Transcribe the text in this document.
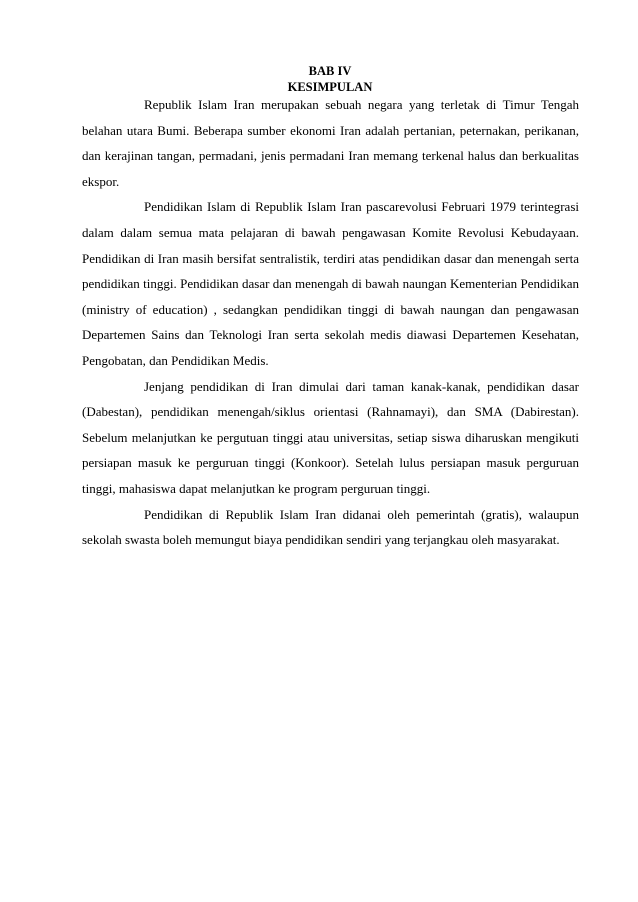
BAB IV
KESIMPULAN

Republik Islam Iran merupakan sebuah negara yang terletak di Timur Tengah belahan utara Bumi. Beberapa sumber ekonomi Iran adalah pertanian, peternakan, perikanan, dan kerajinan tangan, permadani, jenis permadani Iran memang terkenal halus dan berkualitas ekspor.

Pendidikan Islam di Republik Islam Iran pascarevolusi Februari 1979 terintegrasi dalam dalam semua mata pelajaran di bawah pengawasan Komite Revolusi Kebudayaan. Pendidikan di Iran masih bersifat sentralistik, terdiri atas pendidikan dasar dan menengah serta pendidikan tinggi. Pendidikan dasar dan menengah di bawah naungan Kementerian Pendidikan (ministry of education) , sedangkan pendidikan tinggi di bawah naungan dan pengawasan Departemen Sains dan Teknologi Iran serta sekolah medis diawasi Departemen Kesehatan, Pengobatan, dan Pendidikan Medis.

Jenjang pendidikan di Iran dimulai dari taman kanak-kanak, pendidikan dasar (Dabestan), pendidikan menengah/siklus orientasi (Rahnamayi), dan SMA (Dabirestan). Sebelum melanjutkan ke pergutuan tinggi atau universitas, setiap siswa diharuskan mengikuti persiapan masuk ke perguruan tinggi (Konkoor). Setelah lulus persiapan masuk perguruan tinggi, mahasiswa dapat melanjutkan ke program perguruan tinggi.

Pendidikan di Republik Islam Iran didanai oleh pemerintah (gratis), walaupun sekolah swasta boleh memungut biaya pendidikan sendiri yang terjangkau oleh masyarakat.
